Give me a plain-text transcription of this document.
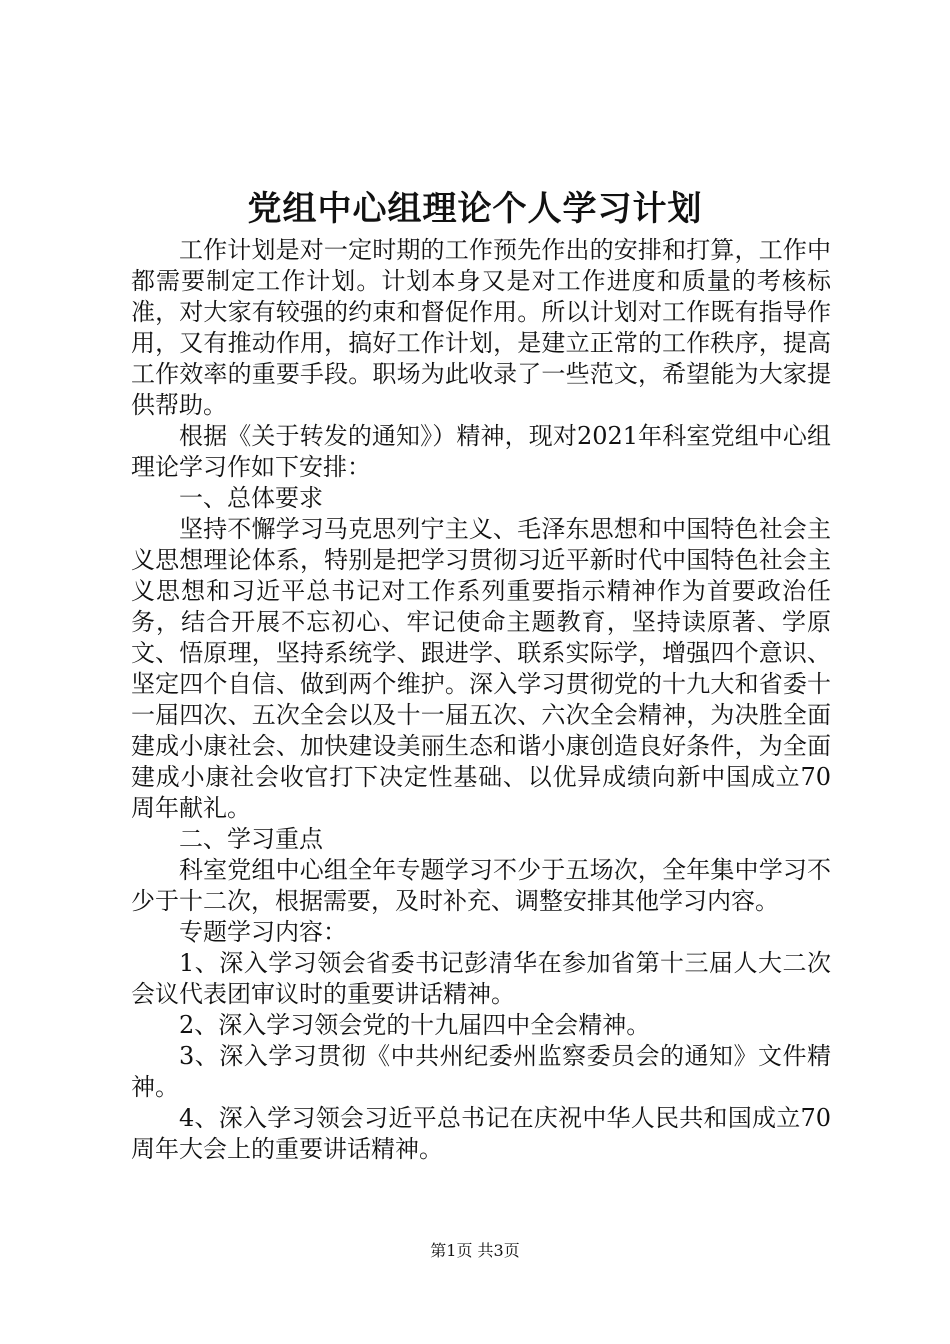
党组中心组理论个人学习计划

工作计划是对一定时期的工作预先作出的安排和打算，工作中都需要制定工作计划。计划本身又是对工作进度和质量的考核标准，对大家有较强的约束和督促作用。所以计划对工作既有指导作用，又有推动作用，搞好工作计划，是建立正常的工作秩序，提高工作效率的重要手段。职场为此收录了一些范文，希望能为大家提供帮助。

根据《关于转发的通知》）精神，现对2021年科室党组中心组理论学习作如下安排：

一、总体要求

坚持不懈学习马克思列宁主义、毛泽东思想和中国特色社会主义思想理论体系，特别是把学习贯彻习近平新时代中国特色社会主义思想和习近平总书记对工作系列重要指示精神作为首要政治任务，结合开展不忘初心、牢记使命主题教育，坚持读原著、学原文、悟原理，坚持系统学、跟进学、联系实际学，增强四个意识、坚定四个自信、做到两个维护。深入学习贯彻党的十九大和省委十一届四次、五次全会以及十一届五次、六次全会精神，为决胜全面建成小康社会、加快建设美丽生态和谐小康创造良好条件，为全面建成小康社会收官打下决定性基础、以优异成绩向新中国成立70周年献礼。

二、学习重点

科室党组中心组全年专题学习不少于五场次，全年集中学习不少于十二次，根据需要，及时补充、调整安排其他学习内容。

专题学习内容：

1、深入学习领会省委书记彭清华在参加省第十三届人大二次会议代表团审议时的重要讲话精神。

2、深入学习领会党的十九届四中全会精神。

3、深入学习贯彻《中共州纪委州监察委员会的通知》文件精神。

4、深入学习领会习近平总书记在庆祝中华人民共和国成立70周年大会上的重要讲话精神。

第1页 共3页
